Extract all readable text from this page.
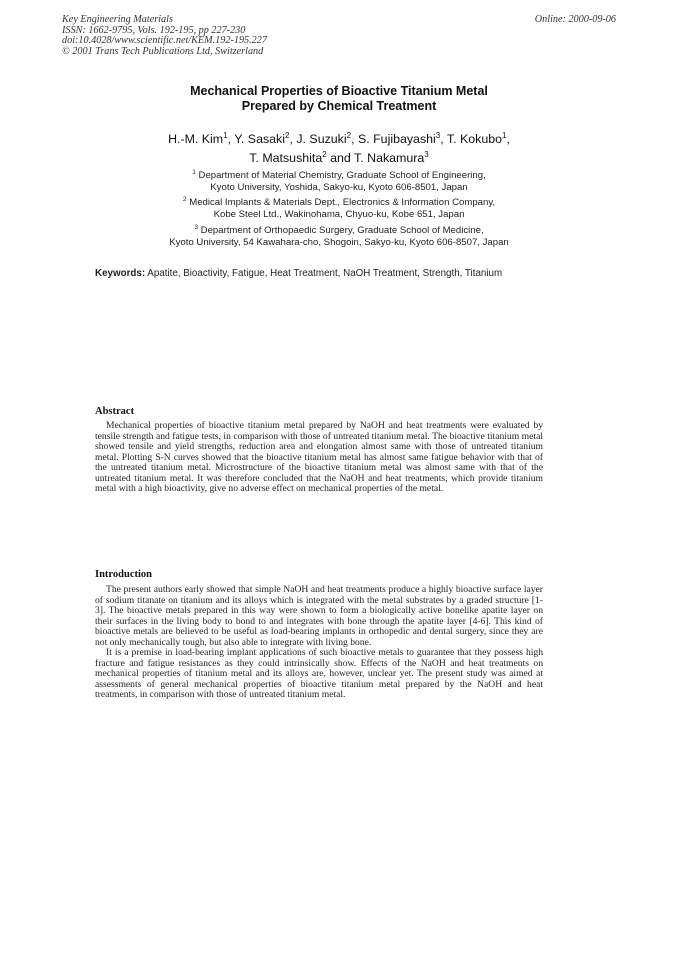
Key Engineering Materials
ISSN: 1662-9795, Vols. 192-195, pp 227-230
doi:10.4028/www.scientific.net/KEM.192-195.227
© 2001 Trans Tech Publications Ltd, Switzerland
Online: 2000-09-06
Mechanical Properties of Bioactive Titanium Metal
Prepared by Chemical Treatment
H.-M. Kim$^1$, Y. Sasaki$^2$, J. Suzuki$^2$, S. Fujibayashi$^3$, T. Kokubo$^1$,
T. Matsushita$^2$ and T. Nakamura$^3$
$^1$ Department of Material Chemistry, Graduate School of Engineering,
Kyoto University, Yoshida, Sakyo-ku, Kyoto 606-8501, Japan
$^2$ Medical Implants & Materials Dept., Electronics & Information Company,
Kobe Steel Ltd., Wakinohama, Chyuo-ku, Kobe 651, Japan
$^3$ Department of Orthopaedic Surgery, Graduate School of Medicine,
Kyoto University, 54 Kawahara-cho, Shogoin, Sakyo-ku, Kyoto 606-8507, Japan
Keywords: Apatite, Bioactivity, Fatigue, Heat Treatment, NaOH Treatment, Strength, Titanium
Abstract
Mechanical properties of bioactive titanium metal prepared by NaOH and heat treatments were evaluated by tensile strength and fatigue tests, in comparison with those of untreated titanium metal. The bioactive titanium metal showed tensile and yield strengths, reduction area and elongation almost same with those of untreated titanium metal. Plotting S-N curves showed that the bioactive titanium metal has almost same fatigue behavior with that of the untreated titanium metal. Microstructure of the bioactive titanium metal was almost same with that of the untreated titanium metal. It was therefore concluded that the NaOH and heat treatments, which provide titanium metal with a high bioactivity, give no adverse effect on mechanical properties of the metal.
Introduction
The present authors early showed that simple NaOH and heat treatments produce a highly bioactive surface layer of sodium titanate on titanium and its alloys which is integrated with the metal substrates by a graded structure [1-3]. The bioactive metals prepared in this way were shown to form a biologically active bonelike apatite layer on their surfaces in the living body to bond to and integrates with bone through the apatite layer [4-6]. This kind of bioactive metals are believed to be useful as load-bearing implants in orthopedic and dental surgery, since they are not only mechanically tough, but also able to integrate with living bone.
It is a premise in load-bearing implant applications of such bioactive metals to guarantee that they possess high fracture and fatigue resistances as they could intrinsically show. Effects of the NaOH and heat treatments on mechanical properties of titanium metal and its alloys are, however, unclear yet. The present study was aimed at assessments of general mechanical properties of bioactive titanium metal prepared by the NaOH and heat treatments, in comparison with those of untreated titanium metal.
